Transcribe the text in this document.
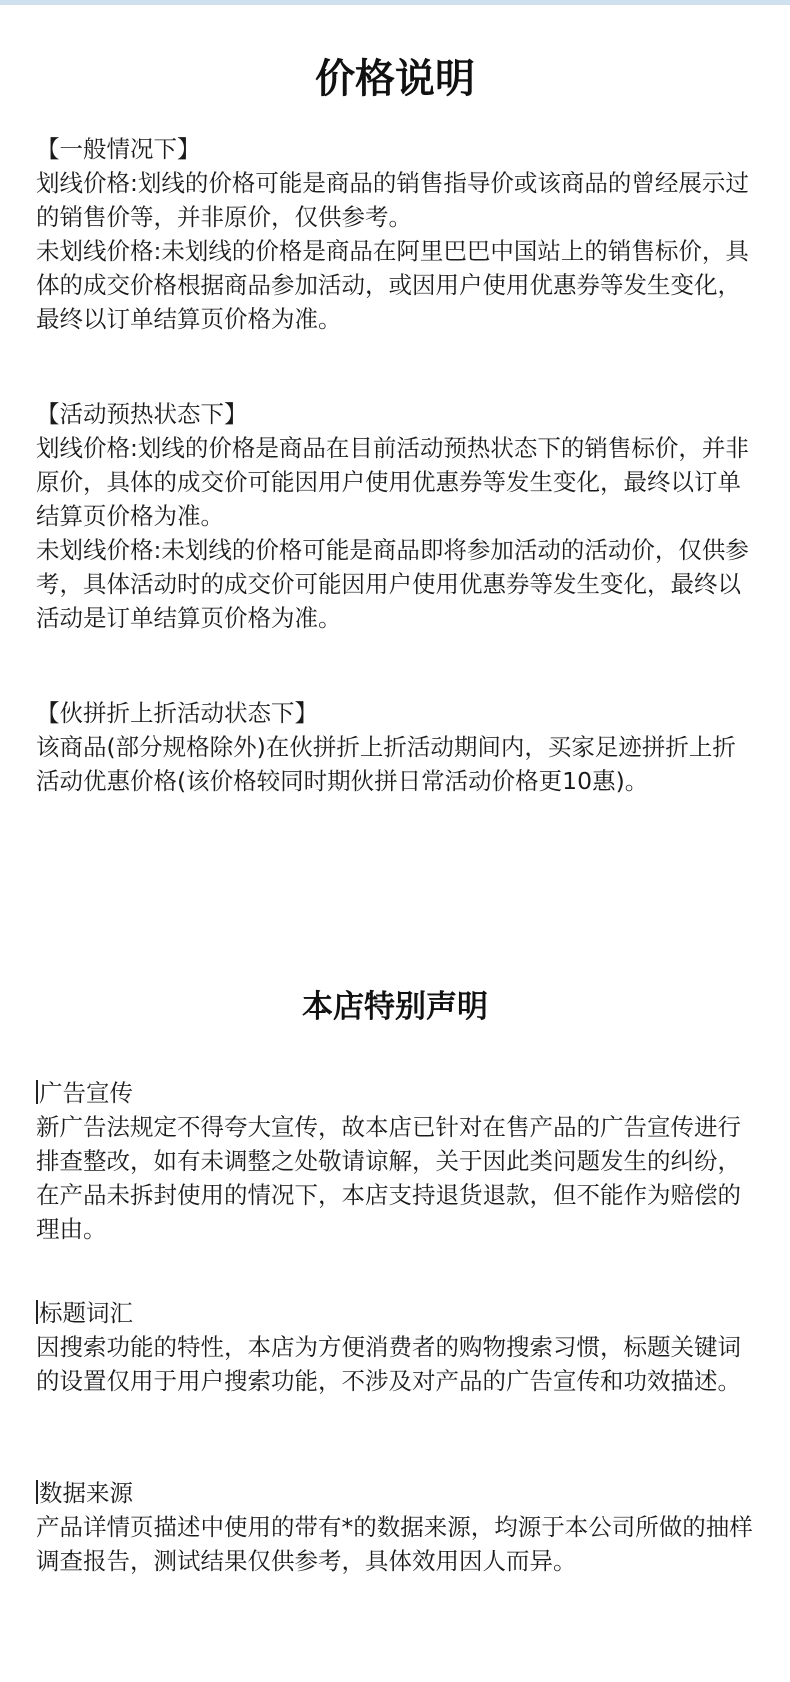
价格说明

【一般情况下】

划线价格:划线的价格可能是商品的销售指导价或该商品的曾经展示过的销售价等，并非原价，仅供参考。

未划线价格:未划线的价格是商品在阿里巴巴中国站上的销售标价，具体的成交价格根据商品参加活动，或因用户使用优惠券等发生变化，最终以订单结算页价格为准。

【活动预热状态下】

划线价格:划线的价格是商品在目前活动预热状态下的销售标价，并非原价，具体的成交价可能因用户使用优惠券等发生变化，最终以订单结算页价格为准。

未划线价格:未划线的价格可能是商品即将参加活动的活动价，仅供参考，具体活动时的成交价可能因用户使用优惠券等发生变化，最终以活动是订单结算页价格为准。

【伙拼折上折活动状态下】

该商品(部分规格除外)在伙拼折上折活动期间内，买家足迹拼折上折活动优惠价格(该价格较同时期伙拼日常活动价格更10惠)。

本店特别声明

广告宣传

新广告法规定不得夸大宣传，故本店已针对在售产品的广告宣传进行排查整改，如有未调整之处敬请谅解，关于因此类问题发生的纠纷，在产品未拆封使用的情况下，本店支持退货退款，但不能作为赔偿的理由。

标题词汇

因搜索功能的特性，本店为方便消费者的购物搜索习惯，标题关键词的设置仅用于用户搜索功能，不涉及对产品的广告宣传和功效描述。

数据来源

产品详情页描述中使用的带有*的数据来源，均源于本公司所做的抽样调查报告，测试结果仅供参考，具体效用因人而异。
